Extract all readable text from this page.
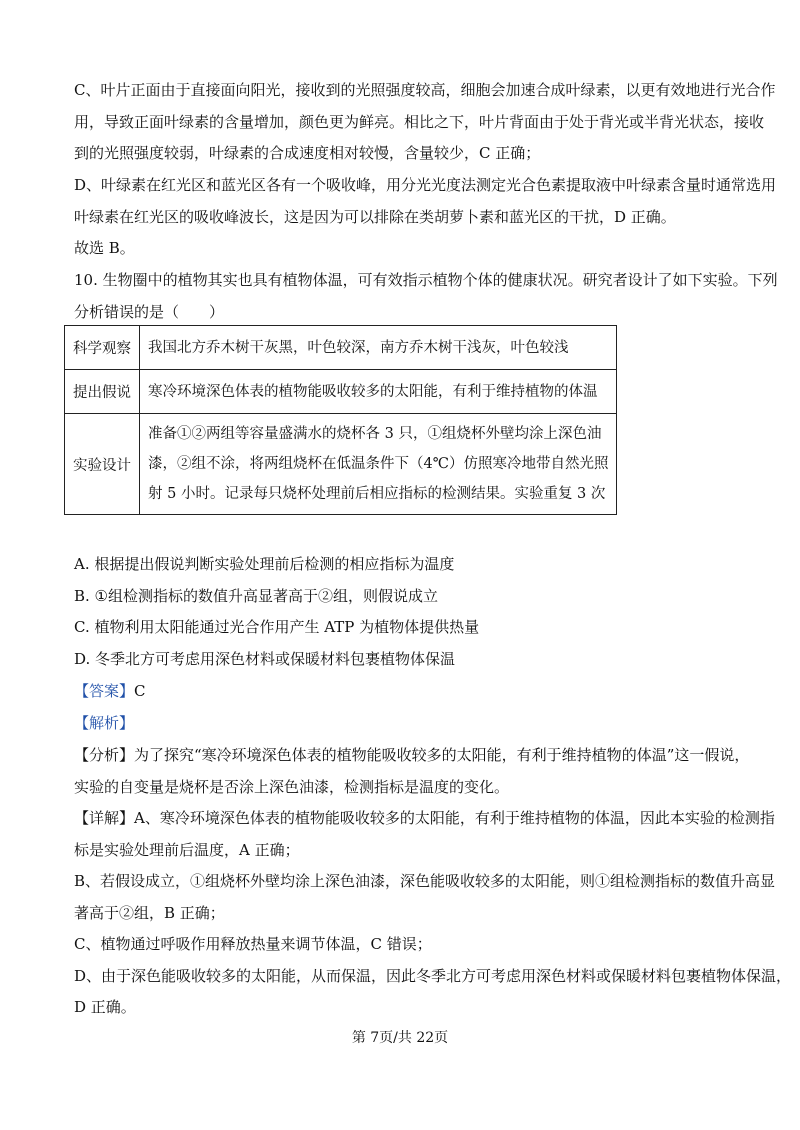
C、叶片正面由于直接面向阳光，接收到的光照强度较高，细胞会加速合成叶绿素，以更有效地进行光合作
用，导致正面叶绿素的含量增加，颜色更为鲜亮。相比之下，叶片背面由于处于背光或半背光状态，接收
到的光照强度较弱，叶绿素的合成速度相对较慢，含量较少，C 正确；
D、叶绿素在红光区和蓝光区各有一个吸收峰，用分光光度法测定光合色素提取液中叶绿素含量时通常选用
叶绿素在红光区的吸收峰波长，这是因为可以排除在类胡萝卜素和蓝光区的干扰，D 正确。
故选 B。
10. 生物圈中的植物其实也具有植物体温，可有效指示植物个体的健康状况。研究者设计了如下实验。下列
分析错误的是（　　）
科学观察	我国北方乔木树干灰黑，叶色较深，南方乔木树干浅灰，叶色较浅

提出假说	寒冷环境深色体表的植物能吸收较多的太阳能，有利于维持植物的体温

实验设计	准备①②两组等容量盛满水的烧杯各 3 只，①组烧杯外壁均涂上深色油
漆，②组不涂，将两组烧杯在低温条件下（4℃）仿照寒冷地带自然光照
射 5 小时。记录每只烧杯处理前后相应指标的检测结果。实验重复 3 次
A. 根据提出假说判断实验处理前后检测的相应指标为温度
B. ①组检测指标的数值升高显著高于②组，则假说成立
C. 植物利用太阳能通过光合作用产生 ATP 为植物体提供热量
D. 冬季北方可考虑用深色材料或保暖材料包裹植物体保温
【答案】C
【解析】
【分析】为了探究“寒冷环境深色体表的植物能吸收较多的太阳能，有利于维持植物的体温”这一假说，
实验的自变量是烧杯是否涂上深色油漆，检测指标是温度的变化。
【详解】A、寒冷环境深色体表的植物能吸收较多的太阳能，有利于维持植物的体温，因此本实验的检测指
标是实验处理前后温度，A 正确；
B、若假设成立，①组烧杯外壁均涂上深色油漆，深色能吸收较多的太阳能，则①组检测指标的数值升高显
著高于②组，B 正确；
C、植物通过呼吸作用释放热量来调节体温，C 错误；
D、由于深色能吸收较多的太阳能，从而保温，因此冬季北方可考虑用深色材料或保暖材料包裹植物体保温，
D 正确。
第 7页/共 22页
